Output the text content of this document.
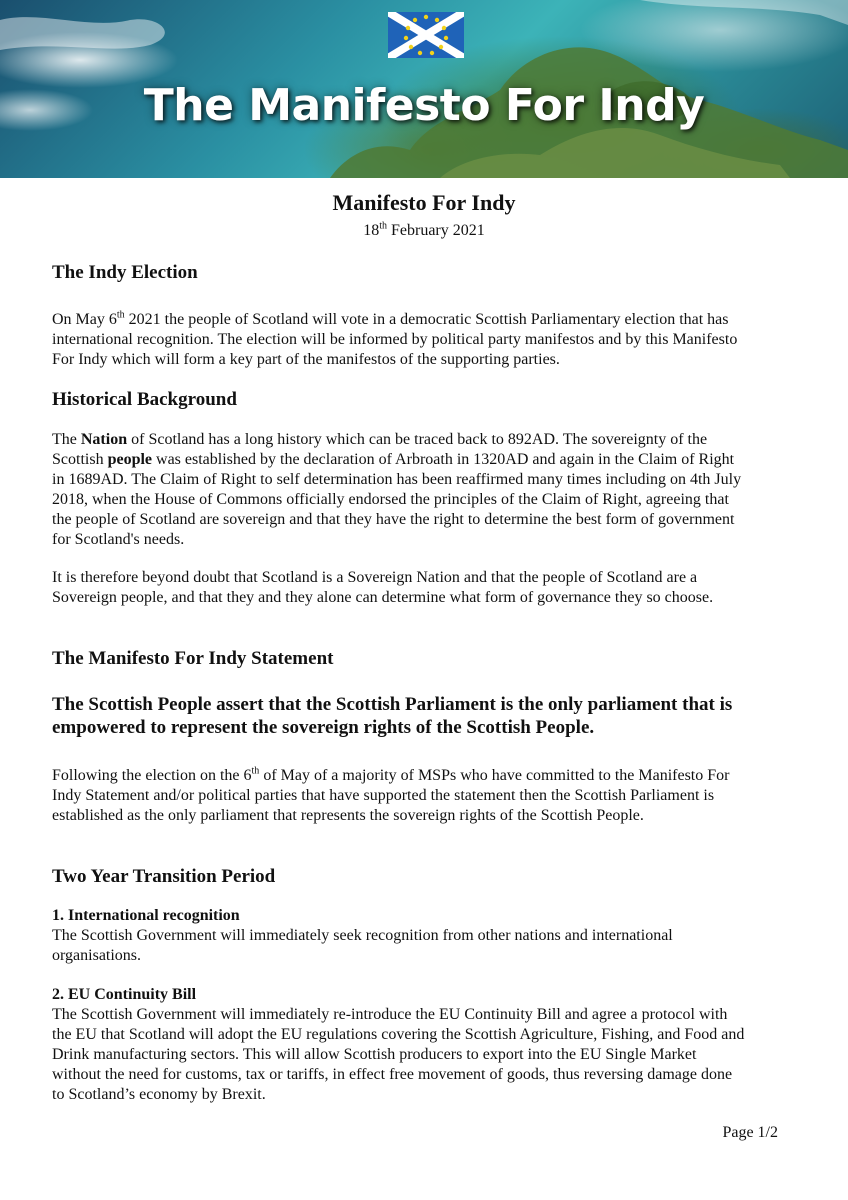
The Manifesto For Indy
Manifesto For Indy
18th February 2021
The Indy Election
On May 6th 2021 the people of Scotland will vote in a democratic Scottish Parliamentary election that has
international recognition. The election will be informed by political party manifestos and by this Manifesto
For Indy which will form a key part of the manifestos of the supporting parties.
Historical Background
The Nation of Scotland has a long history which can be traced back to 892AD. The sovereignty of the
Scottish people was established by the declaration of Arbroath in 1320AD and again in the Claim of Right
in 1689AD. The Claim of Right to self determination has been reaffirmed many times including on 4th July
2018, when the House of Commons officially endorsed the principles of the Claim of Right, agreeing that
the people of Scotland are sovereign and that they have the right to determine the best form of government
for Scotland's needs.
It is therefore beyond doubt that Scotland is a Sovereign Nation and that the people of Scotland are a
Sovereign people, and that they and they alone can determine what form of governance they so choose.
The Manifesto For Indy Statement
The Scottish People assert that the Scottish Parliament is the only parliament that is
empowered to represent the sovereign rights of the Scottish People.
Following the election on the 6th of May of a majority of MSPs who have committed to the Manifesto For
Indy Statement and/or political parties that have supported the statement then the Scottish Parliament is
established as the only parliament that represents the sovereign rights of the Scottish People.
Two Year Transition Period
1. International recognition
The Scottish Government will immediately seek recognition from other nations and international
organisations.
2. EU Continuity Bill
The Scottish Government will immediately re-introduce the EU Continuity Bill and agree a protocol with
the EU that Scotland will adopt the EU regulations covering the Scottish Agriculture, Fishing, and Food and
Drink manufacturing sectors. This will allow Scottish producers to export into the EU Single Market
without the need for customs, tax or tariffs, in effect free movement of goods, thus reversing damage done
to Scotland’s economy by Brexit.
Page 1/2
